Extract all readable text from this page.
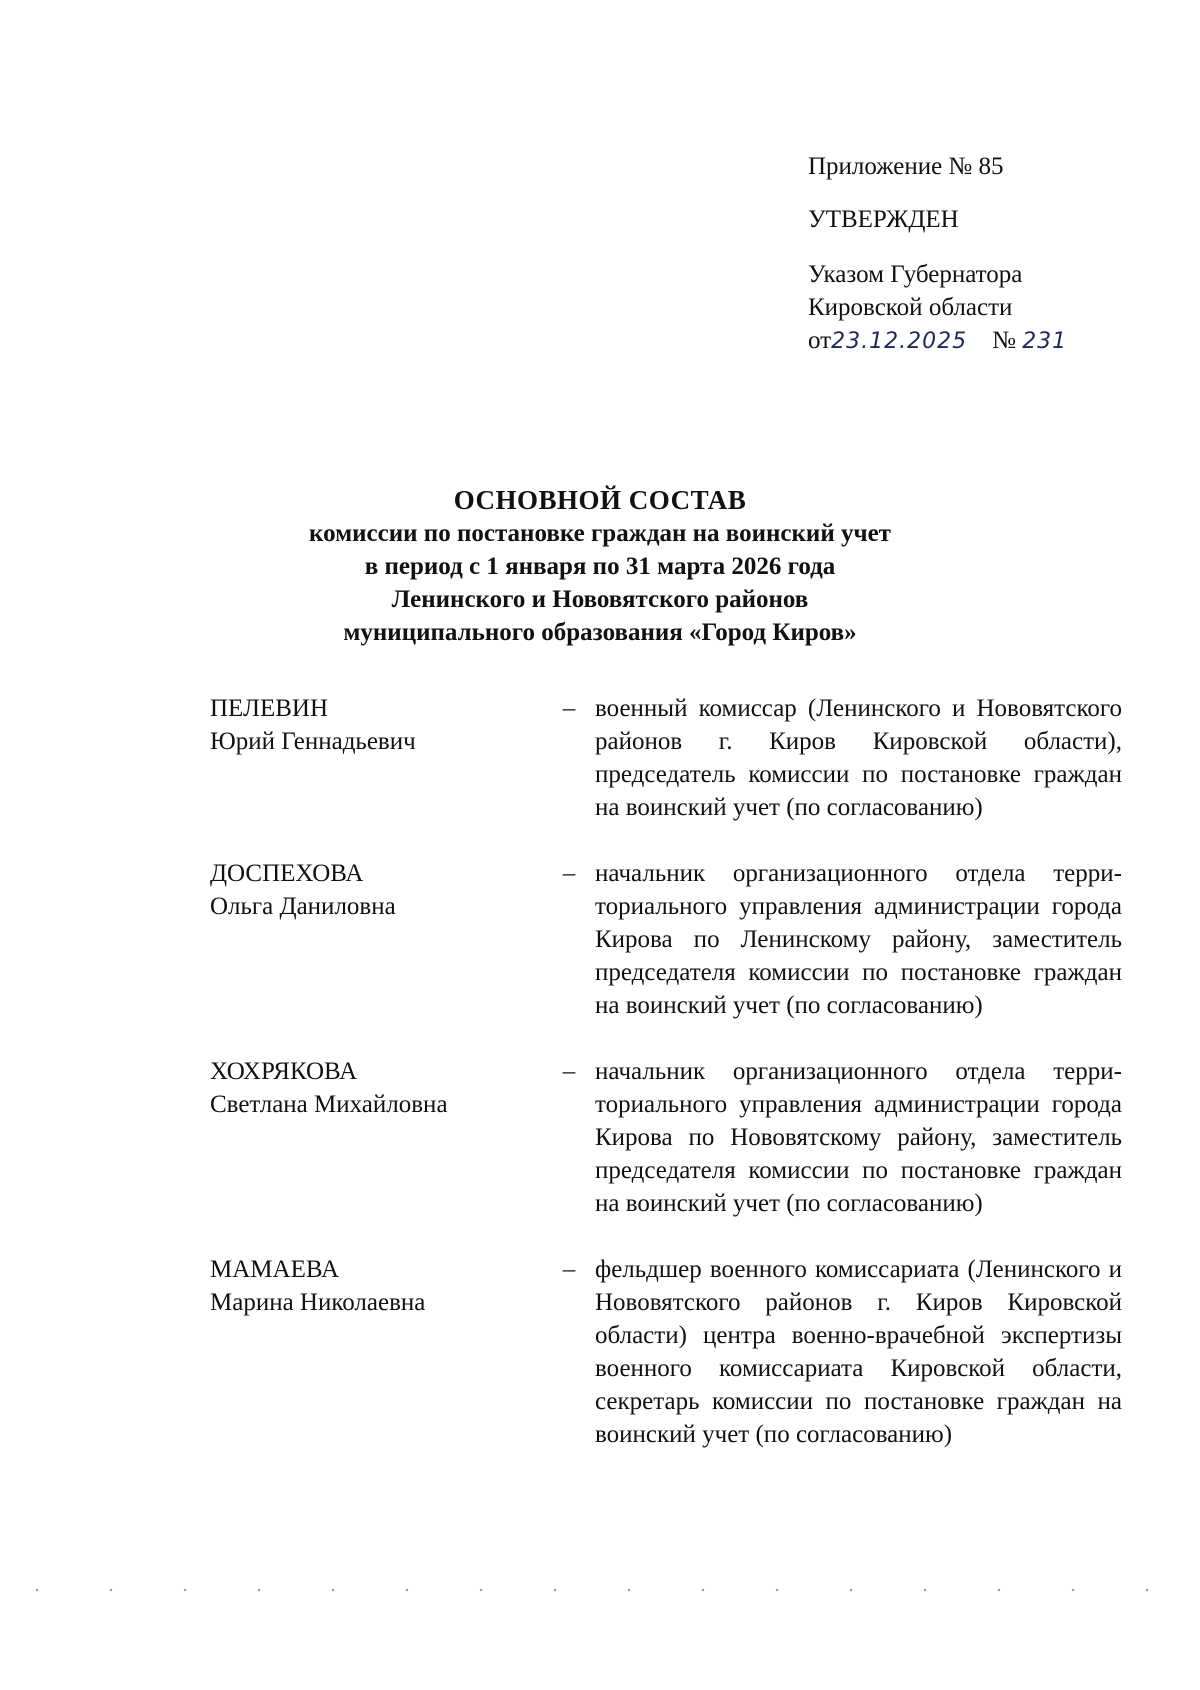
Приложение № 85
УТВЕРЖДЕН
Указом Губернатора
Кировской области
от23.12.2025 № 231
ОСНОВНОЙ СОСТАВ
комиссии по постановке граждан на воинский учет
в период с 1 января по 31 марта 2026 года
Ленинского и Нововятского районов
муниципального образования «Город Киров»
ПЕЛЕВИН
Юрий Геннадьевич
– военный комиссар (Ленинского и Нововятского районов г. Киров Кировской области), председатель комиссии по постановке граждан на воинский учет (по согласованию)
ДОСПЕХОВА
Ольга Даниловна
– начальник организационного отдела территориального управления администрации города Кирова по Ленинскому району, заместитель председателя комиссии по постановке граждан на воинский учет (по согласованию)
ХОХРЯКОВА
Светлана Михайловна
– начальник организационного отдела территориального управления администрации города Кирова по Нововятскому району, заместитель председателя комиссии по постановке граждан на воинский учет (по согласованию)
МАМАЕВА
Марина Николаевна
– фельдшер военного комиссариата (Ленинского и Нововятского районов г. Киров Кировской области) центра военно-врачебной экспертизы военного комиссариата Кировской области, секретарь комиссии по постановке граждан на воинский учет (по согласованию)
